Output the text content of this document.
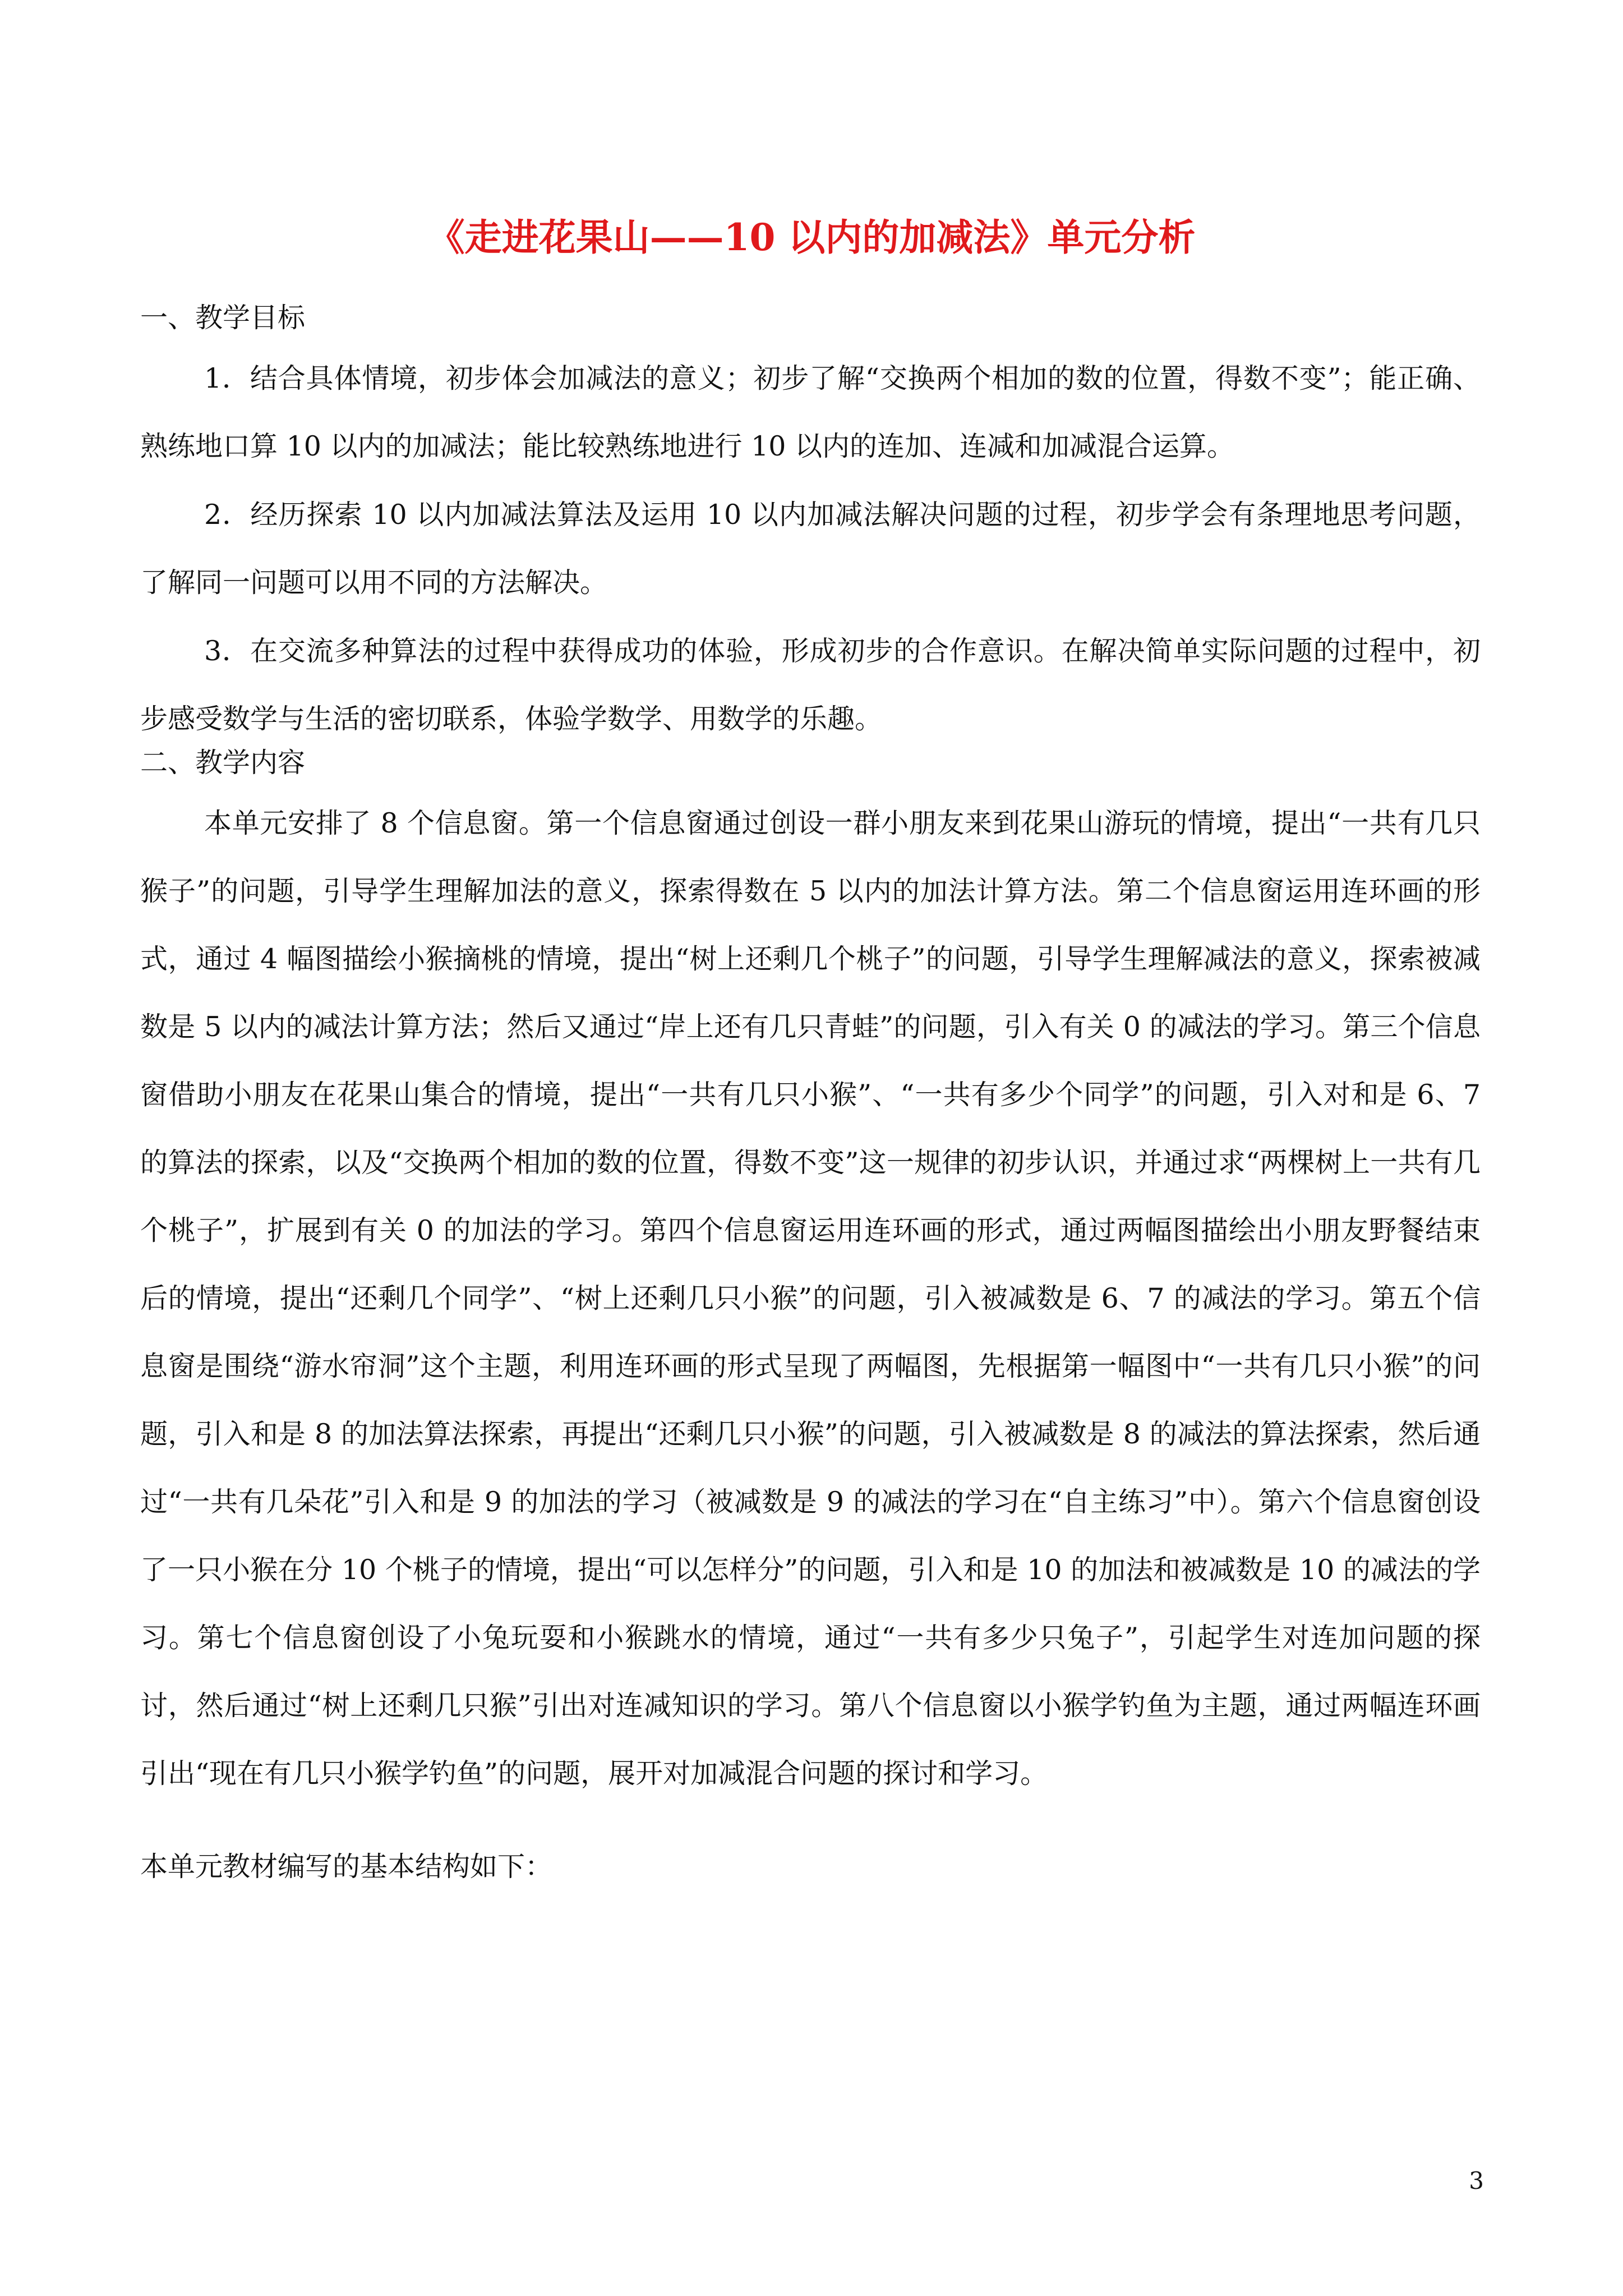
《走进花果山——10 以内的加减法》单元分析
一、教学目标
1．结合具体情境，初步体会加减法的意义；初步了解“交换两个相加的数的位置，得数不变”；能正确、熟练地口算 10 以内的加减法；能比较熟练地进行 10 以内的连加、连减和加减混合运算。
2．经历探索 10 以内加减法算法及运用 10 以内加减法解决问题的过程，初步学会有条理地思考问题，了解同一问题可以用不同的方法解决。
3．在交流多种算法的过程中获得成功的体验，形成初步的合作意识。在解决简单实际问题的过程中，初步感受数学与生活的密切联系，体验学数学、用数学的乐趣。
二、教学内容
本单元安排了 8 个信息窗。第一个信息窗通过创设一群小朋友来到花果山游玩的情境，提出“一共有几只猴子”的问题，引导学生理解加法的意义，探索得数在 5 以内的加法计算方法。第二个信息窗运用连环画的形式，通过 4 幅图描绘小猴摘桃的情境，提出“树上还剩几个桃子”的问题，引导学生理解减法的意义，探索被减数是 5 以内的减法计算方法；然后又通过“岸上还有几只青蛙”的问题，引入有关 0 的减法的学习。第三个信息窗借助小朋友在花果山集合的情境，提出“一共有几只小猴”、“一共有多少个同学”的问题，引入对和是 6、7 的算法的探索，以及“交换两个相加的数的位置，得数不变”这一规律的初步认识，并通过求“两棵树上一共有几个桃子”，扩展到有关 0 的加法的学习。第四个信息窗运用连环画的形式，通过两幅图描绘出小朋友野餐结束后的情境，提出“还剩几个同学”、“树上还剩几只小猴”的问题，引入被减数是 6、7 的减法的学习。第五个信息窗是围绕“游水帘洞”这个主题，利用连环画的形式呈现了两幅图，先根据第一幅图中“一共有几只小猴”的问题，引入和是 8 的加法算法探索，再提出“还剩几只小猴”的问题，引入被减数是 8 的减法的算法探索，然后通过“一共有几朵花”引入和是 9 的加法的学习（被减数是 9 的减法的学习在“自主练习”中）。第六个信息窗创设了一只小猴在分 10 个桃子的情境，提出“可以怎样分”的问题，引入和是 10 的加法和被减数是 10 的减法的学习。第七个信息窗创设了小兔玩耍和小猴跳水的情境，通过“一共有多少只兔子”，引起学生对连加问题的探讨，然后通过“树上还剩几只猴”引出对连减知识的学习。第八个信息窗以小猴学钓鱼为主题，通过两幅连环画引出“现在有几只小猴学钓鱼”的问题，展开对加减混合问题的探讨和学习。
本单元教材编写的基本结构如下：
3
